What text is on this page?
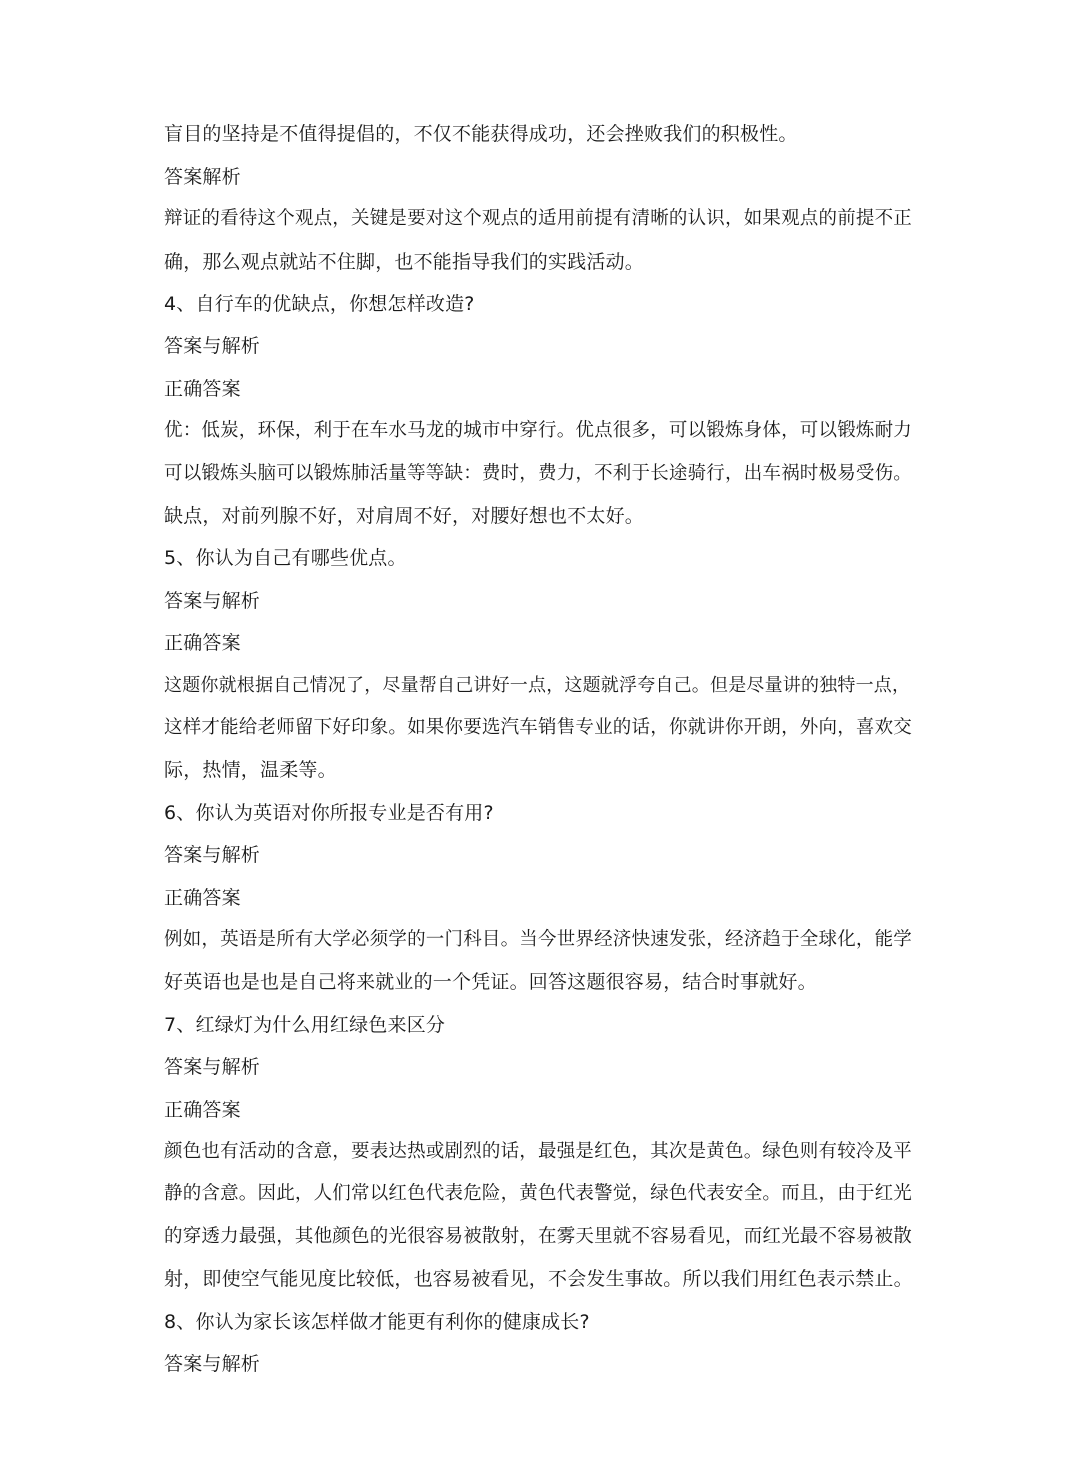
盲目的坚持是不值得提倡的，不仅不能获得成功，还会挫败我们的积极性。
答案解析
辩证的看待这个观点，关键是要对这个观点的适用前提有清晰的认识，如果观点的前提不正
确，那么观点就站不住脚，也不能指导我们的实践活动。
4、自行车的优缺点，你想怎样改造?
答案与解析
正确答案
优：低炭，环保，利于在车水马龙的城市中穿行。优点很多，可以锻炼身体，可以锻炼耐力
可以锻炼头脑可以锻炼肺活量等等缺：费时，费力，不利于长途骑行，出车祸时极易受伤。
缺点，对前列腺不好，对肩周不好，对腰好想也不太好。
5、你认为自己有哪些优点。
答案与解析
正确答案
这题你就根据自己情况了，尽量帮自己讲好一点，这题就浮夸自己。但是尽量讲的独特一点，
这样才能给老师留下好印象。如果你要选汽车销售专业的话，你就讲你开朗，外向，喜欢交
际，热情，温柔等。
6、你认为英语对你所报专业是否有用?
答案与解析
正确答案
例如，英语是所有大学必须学的一门科目。当今世界经济快速发张，经济趋于全球化，能学
好英语也是也是自己将来就业的一个凭证。回答这题很容易，结合时事就好。
7、红绿灯为什么用红绿色来区分
答案与解析
正确答案
颜色也有活动的含意，要表达热或剧烈的话，最强是红色，其次是黄色。绿色则有较冷及平
静的含意。因此，人们常以红色代表危险，黄色代表警觉，绿色代表安全。而且，由于红光
的穿透力最强，其他颜色的光很容易被散射，在雾天里就不容易看见，而红光最不容易被散
射，即使空气能见度比较低，也容易被看见，不会发生事故。所以我们用红色表示禁止。
8、你认为家长该怎样做才能更有利你的健康成长?
答案与解析
